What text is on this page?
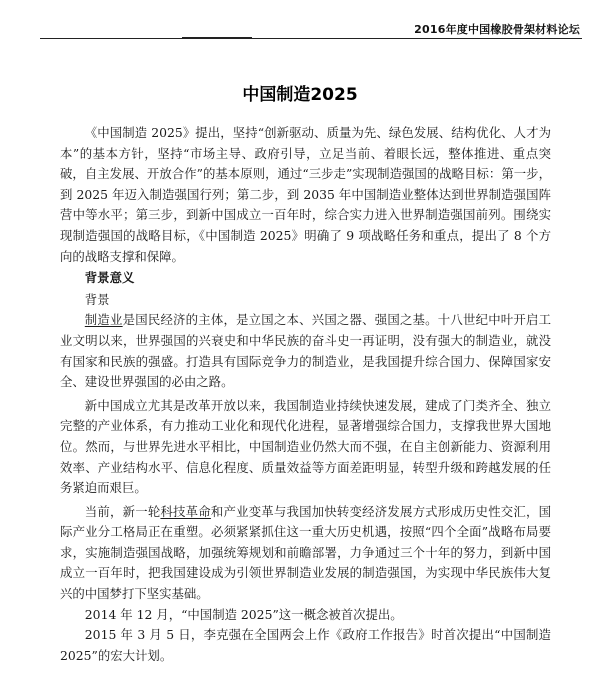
2016年度中国橡胶骨架材料论坛
中国制造2025

《中国制造 2025》提出，坚持“创新驱动、质量为先、绿色发展、结构优化、人才为本”的基本方针，坚持“市场主导、政府引导，立足当前、着眼长远，整体推进、重点突破，自主发展、开放合作”的基本原则，通过“三步走”实现制造强国的战略目标：第一步，到 2025 年迈入制造强国行列；第二步，到 2035 年中国制造业整体达到世界制造强国阵营中等水平；第三步，到新中国成立一百年时，综合实力进入世界制造强国前列。围绕实现制造强国的战略目标，《中国制造 2025》明确了 9 项战略任务和重点，提出了 8 个方向的战略支撑和保障。

背景意义
背景

制造业是国民经济的主体，是立国之本、兴国之器、强国之基。十八世纪中叶开启工业文明以来，世界强国的兴衰史和中华民族的奋斗史一再证明，没有强大的制造业，就没有国家和民族的强盛。打造具有国际竞争力的制造业，是我国提升综合国力、保障国家安全、建设世界强国的必由之路。

新中国成立尤其是改革开放以来，我国制造业持续快速发展，建成了门类齐全、独立完整的产业体系，有力推动工业化和现代化进程，显著增强综合国力，支撑我世界大国地位。然而，与世界先进水平相比，中国制造业仍然大而不强，在自主创新能力、资源利用效率、产业结构水平、信息化程度、质量效益等方面差距明显，转型升级和跨越发展的任务紧迫而艰巨。

当前，新一轮科技革命和产业变革与我国加快转变经济发展方式形成历史性交汇，国际产业分工格局正在重塑。必须紧紧抓住这一重大历史机遇，按照“四个全面”战略布局要求，实施制造强国战略，加强统筹规划和前瞻部署，力争通过三个十年的努力，到新中国成立一百年时，把我国建设成为引领世界制造业发展的制造强国，为实现中华民族伟大复兴的中国梦打下坚实基础。

2014 年 12 月，“中国制造 2025”这一概念被首次提出。

2015 年 3 月 5 日，李克强在全国两会上作《政府工作报告》时首次提出“中国制造 2025”的宏大计划。
